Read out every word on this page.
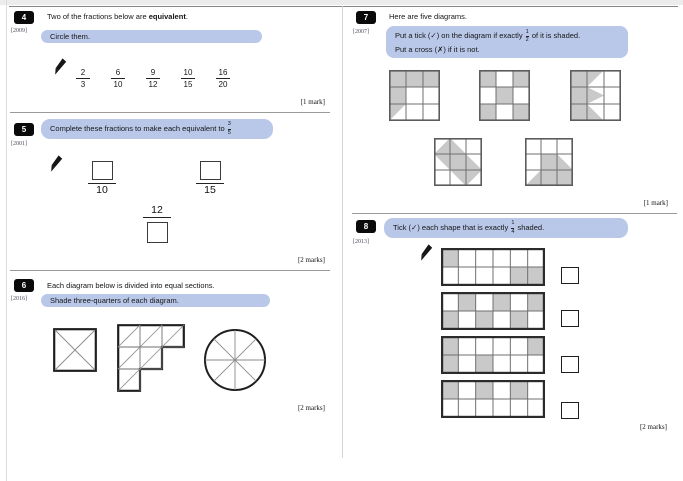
4
[2009]
Two of the fractions below are equivalent.
Circle them.
2
3
6
10
9
12
10
15
16
20
[1 mark]
5
[2001]
Complete these fractions to make each equivalent to $\frac{3}{5}$
10	15
12
[2 marks]
6	Each diagram below is divided into equal sections.
[2016]	Shade three-quarters of each diagram.
[2 marks]
7	Here are five diagrams.
[2007]	Put a tick (✓) on the diagram if exactly $\frac{1}{2}$ of it is shaded.
Put a cross (✗) if it is not.
[1 mark]
8
[2013]
Tick (✓) each shape that is exactly $\frac{1}{4}$ shaded.
[2 marks]
